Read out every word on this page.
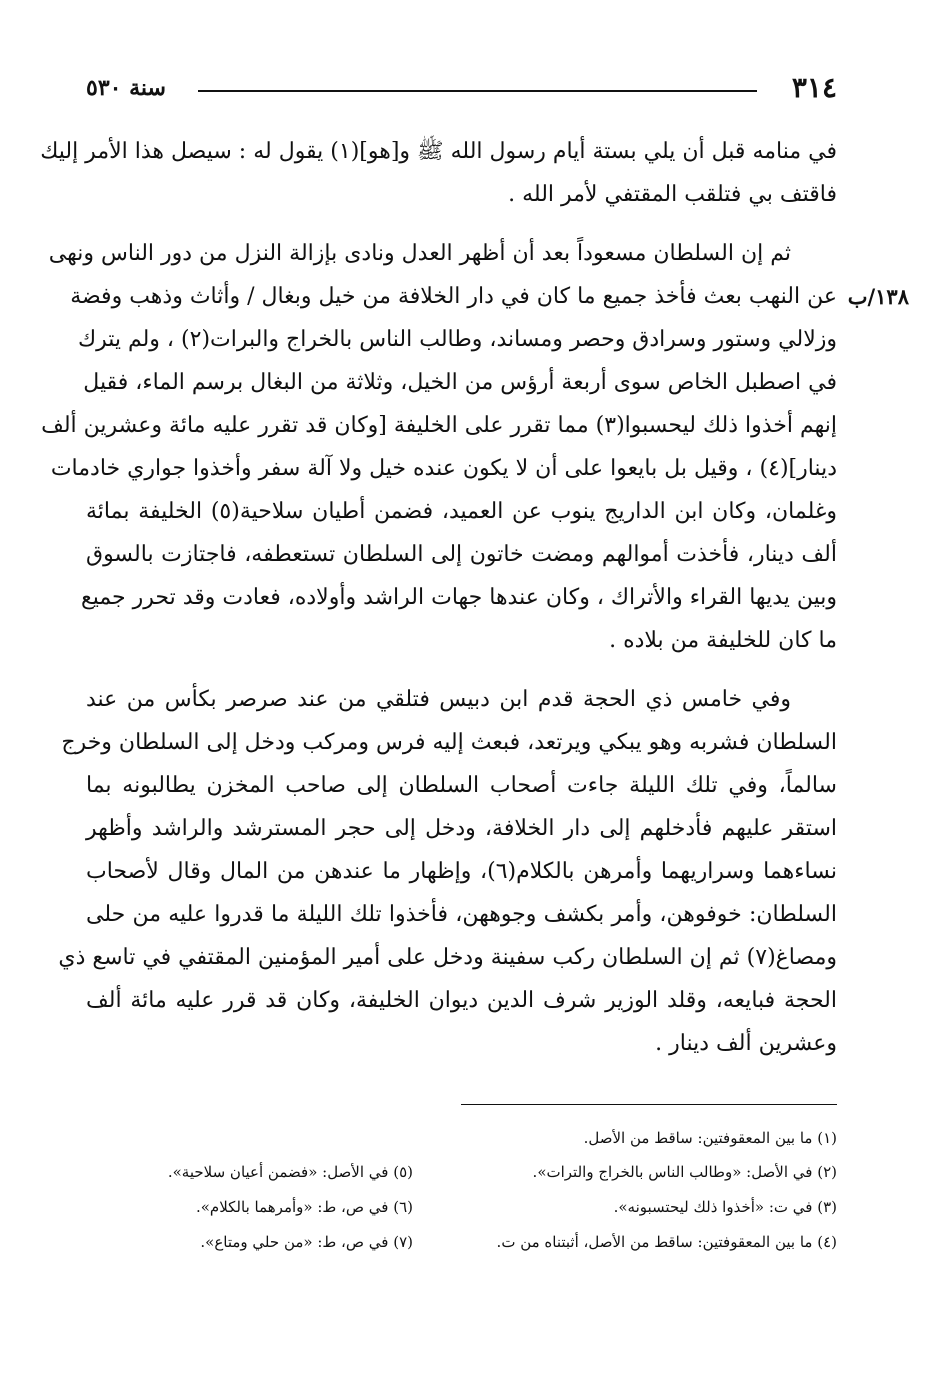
٣١٤
سنة ٥٣٠
في منامه قبل أن يلي بستة أيام رسول الله ﷺ و[هو](١) يقول له : سيصل هذا الأمر إليك
فاقتف بي فتلقب المقتفي لأمر الله .
ثم إن السلطان مسعوداً بعد أن أظهر العدل ونادى بإزالة النزل من دور الناس ونهى
١٣٨/ب
عن النهب بعث فأخذ جميع ما كان في دار الخلافة من خيل وبغال / وأثاث وذهب وفضة
وزلالي وستور وسرادق وحصر ومساند، وطالب الناس بالخراج والبرات(٢) ، ولم يترك
في اصطبل الخاص سوى أربعة أرؤس من الخيل، وثلاثة من البغال برسم الماء، فقيل
إنهم أخذوا ذلك ليحسبوا(٣) مما تقرر على الخليفة [وكان قد تقرر عليه مائة وعشرين ألف
دينار](٤) ، وقيل بل بايعوا على أن لا يكون عنده خيل ولا آلة سفر وأخذوا جواري خادمات
وغلمان، وكان ابن الداريج ينوب عن العميد، فضمن أطيان سلاحية(٥) الخليفة بمائة
ألف دينار، فأخذت أموالهم ومضت خاتون إلى السلطان تستعطفه، فاجتازت بالسوق
وبين يديها القراء والأتراك ، وكان عندها جهات الراشد وأولاده، فعادت وقد تحرر جميع
ما كان للخليفة من بلاده .
وفي خامس ذي الحجة قدم ابن دبيس فتلقي من عند صرصر بكأس من عند
السلطان فشربه وهو يبكي ويرتعد، فبعث إليه فرس ومركب ودخل إلى السلطان وخرج
سالماً، وفي تلك الليلة جاءت أصحاب السلطان إلى صاحب المخزن يطالبونه بما
استقر عليهم فأدخلهم إلى دار الخلافة، ودخل إلى حجر المسترشد والراشد وأظهر
نساءهما وسراريهما وأمرهن بالكلام(٦)، وإظهار ما عندهن من المال وقال لأصحاب
السلطان: خوفوهن، وأمر بكشف وجوههن، فأخذوا تلك الليلة ما قدروا عليه من حلى
ومصاغ(٧) ثم إن السلطان ركب سفينة ودخل على أمير المؤمنين المقتفي في تاسع ذي
الحجة فبايعه، وقلد الوزير شرف الدين ديوان الخليفة، وكان قد قرر عليه مائة ألف
وعشرين ألف دينار .
(١) ما بين المعقوفتين: ساقط من الأصل.
(٢) في الأصل: «وطالب الناس بالخراج والترات».
(٣) في ت: «أخذوا ذلك ليحتسبونه».
(٤) ما بين المعقوفتين: ساقط من الأصل، أثبتناه من ت.
(٥) في الأصل: «فضمن أعيان سلاحية».
(٦) في ص، ط: «وأمرهما بالكلام».
(٧) في ص، ط: «من حلي ومتاع».
